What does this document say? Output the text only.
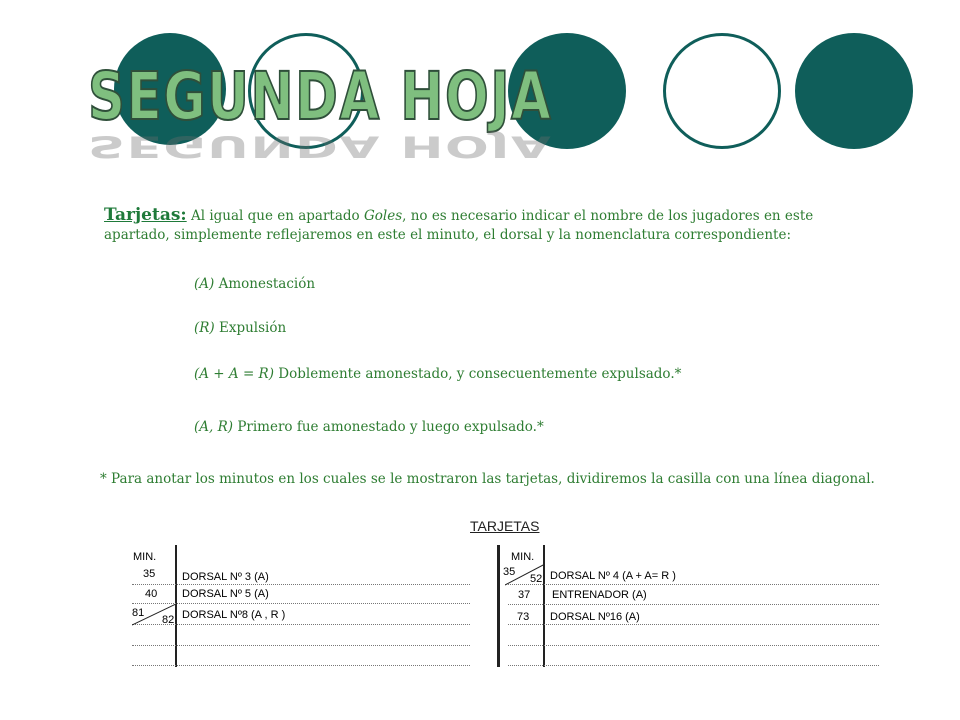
SEGUNDA HOJA
SEGUNDA HOJA
Tarjetas: Al igual que en apartado Goles, no es necesario indicar el nombre de los jugadores en este apartado, simplemente reflejaremos en este el minuto, el dorsal y la nomenclatura correspondiente:
(A) Amonestación
(R) Expulsión
(A + A = R) Doblemente amonestado, y consecuentemente expulsado.*
(A, R) Primero fue amonestado y luego expulsado.*
* Para anotar los minutos en los cuales se le mostraron las tarjetas, dividiremos la casilla con una línea diagonal.
TARJETAS
MIN.
35 DORSAL Nº 3 (A)
40 DORSAL Nº 5 (A)
81
82 DORSAL Nº8 (A , R )
MIN.
35
52 DORSAL Nº 4 (A + A= R )
37 ENTRENADOR (A)
73 DORSAL Nº16 (A)
